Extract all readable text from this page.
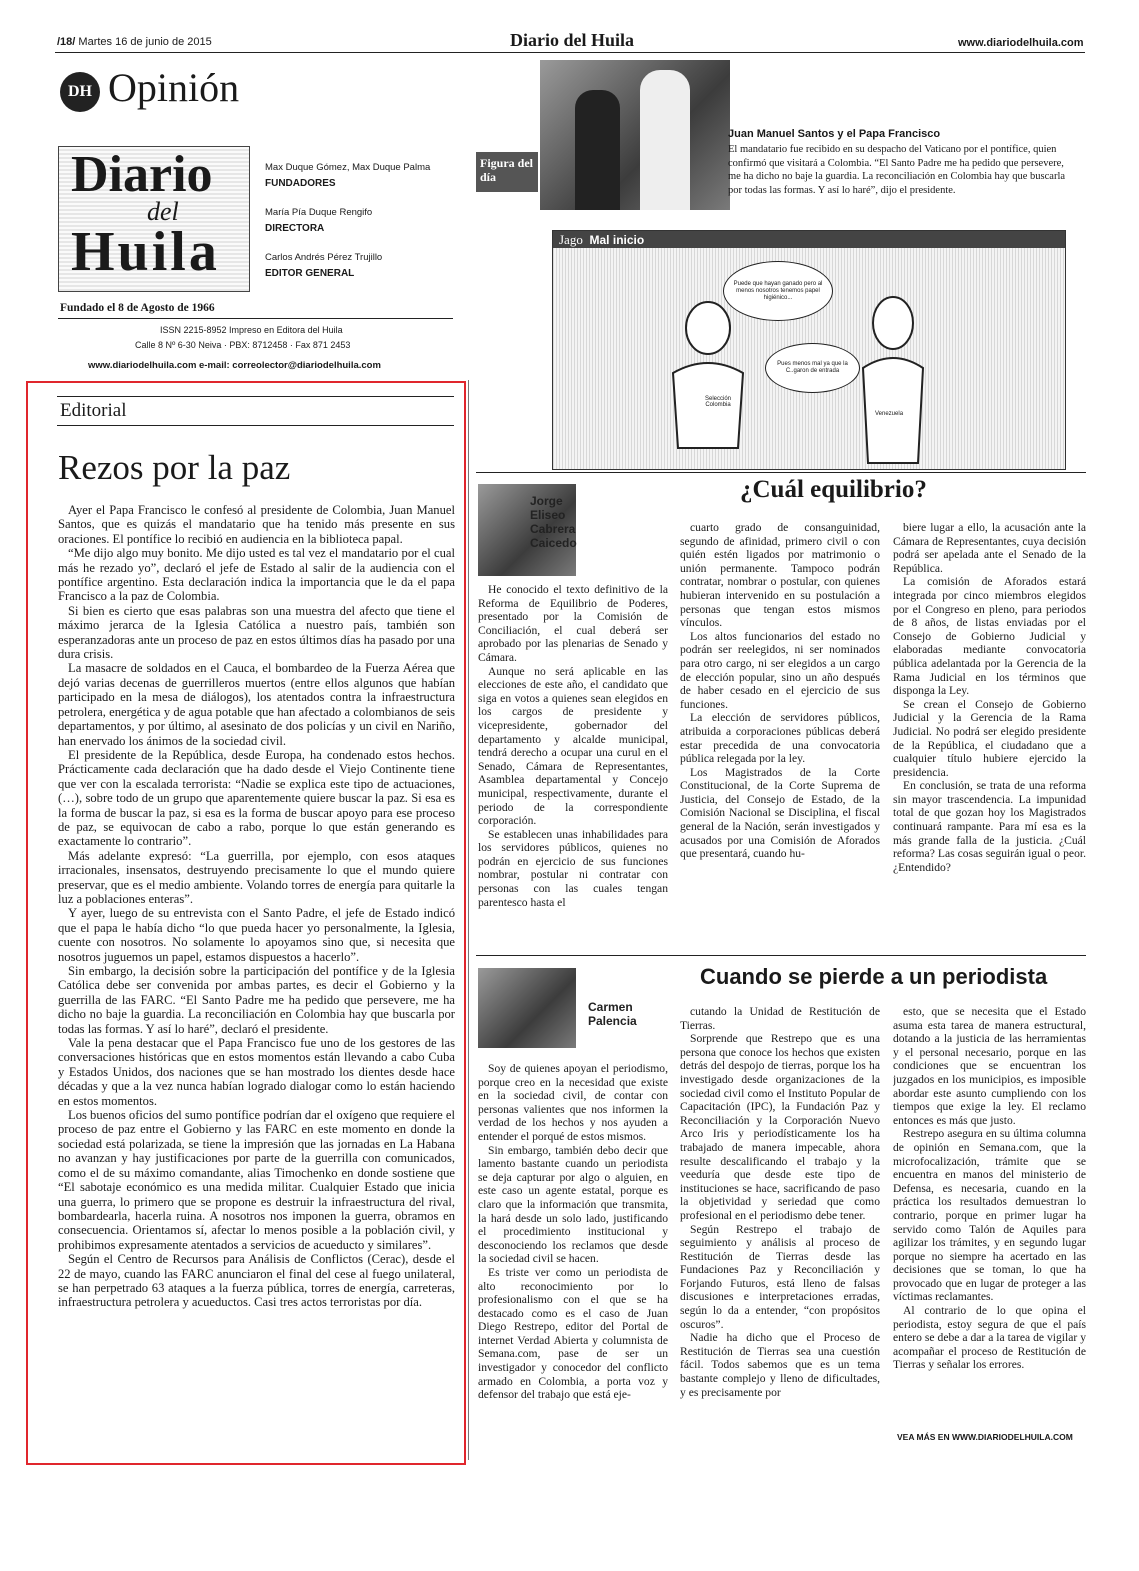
/18/ Martes 16 de junio de 2015	Diario del Huila	www.diariodelhuila.com
DH Opinión
Diario
del
Huila
Max Duque Gómez, Max Duque Palma
FUNDADORES
María Pía Duque Rengifo
DIRECTORA
Carlos Andrés Pérez Trujillo
EDITOR GENERAL
Fundado el 8 de Agosto de 1966
ISSN 2215-8952 Impreso en Editora del Huila
Calle 8 Nº 6-30 Neiva · PBX: 8712458 · Fax 871 2453
www.diariodelhuila.com e-mail: correolector@diariodelhuila.com
Figura del día
Juan Manuel Santos y el Papa Francisco
El mandatario fue recibido en su despacho del Vaticano por el pontífice, quien confirmó que visitará a Colombia. “El Santo Padre me ha pedido que persevere, me ha dicho no baje la guardia. La reconciliación en Colombia hay que buscarla por todas las formas. Y así lo haré”, dijo el presidente.
Jago Mal inicio
Puede que hayan ganado pero al menos nosotros tenemos papel higiénico...
Pues menos mal ya que la C..garon de entrada
Selección Colombia
Venezuela
Editorial
Rezos por la paz

Ayer el Papa Francisco le confesó al presidente de Colombia, Juan Manuel Santos, que es quizás el mandatario que ha tenido más presente en sus oraciones. El pontífice lo recibió en audiencia en la biblioteca papal.

“Me dijo algo muy bonito. Me dijo usted es tal vez el mandatario por el cual más he rezado yo”, declaró el jefe de Estado al salir de la audiencia con el pontífice argentino. Esta declaración indica la importancia que le da el papa Francisco a la paz de Colombia.

Si bien es cierto que esas palabras son una muestra del afecto que tiene el máximo jerarca de la Iglesia Católica a nuestro país, también son esperanzadoras ante un proceso de paz en estos últimos días ha pasado por una dura crisis.

La masacre de soldados en el Cauca, el bombardeo de la Fuerza Aérea que dejó varias decenas de guerrilleros muertos (entre ellos algunos que habían participado en la mesa de diálogos), los atentados contra la infraestructura petrolera, energética y de agua potable que han afectado a colombianos de seis departamentos, y por último, al asesinato de dos policías y un civil en Nariño, han enervado los ánimos de la sociedad civil.

El presidente de la República, desde Europa, ha condenado estos hechos. Prácticamente cada declaración que ha dado desde el Viejo Continente tiene que ver con la escalada terrorista: “Nadie se explica este tipo de actuaciones, (…), sobre todo de un grupo que aparentemente quiere buscar la paz. Si esa es la forma de buscar la paz, si esa es la forma de buscar apoyo para ese proceso de paz, se equivocan de cabo a rabo, porque lo que están generando es exactamente lo contrario”.

Más adelante expresó: “La guerrilla, por ejemplo, con esos ataques irracionales, insensatos, destruyendo precisamente lo que el mundo quiere preservar, que es el medio ambiente. Volando torres de energía para quitarle la luz a poblaciones enteras”.

Y ayer, luego de su entrevista con el Santo Padre, el jefe de Estado indicó que el papa le había dicho “lo que pueda hacer yo personalmente, la Iglesia, cuente con nosotros. No solamente lo apoyamos sino que, si necesita que nosotros juguemos un papel, estamos dispuestos a hacerlo”.

Sin embargo, la decisión sobre la participación del pontífice y de la Iglesia Católica debe ser convenida por ambas partes, es decir el Gobierno y la guerrilla de las FARC. “El Santo Padre me ha pedido que persevere, me ha dicho no baje la guardia. La reconciliación en Colombia hay que buscarla por todas las formas. Y así lo haré”, declaró el presidente.

Vale la pena destacar que el Papa Francisco fue uno de los gestores de las conversaciones históricas que en estos momentos están llevando a cabo Cuba y Estados Unidos, dos naciones que se han mostrado los dientes desde hace décadas y que a la vez nunca habían logrado dialogar como lo están haciendo en estos momentos.

Los buenos oficios del sumo pontífice podrían dar el oxígeno que requiere el proceso de paz entre el Gobierno y las FARC en este momento en donde la sociedad está polarizada, se tiene la impresión que las jornadas en La Habana no avanzan y hay justificaciones por parte de la guerrilla con comunicados, como el de su máximo comandante, alias Timochenko en donde sostiene que “El sabotaje económico es una medida militar. Cualquier Estado que inicia una guerra, lo primero que se propone es destruir la infraestructura del rival, bombardearla, hacerla ruina. A nosotros nos imponen la guerra, obramos en consecuencia. Orientamos sí, afectar lo menos posible a la población civil, y prohibimos expresamente atentados a servicios de acueducto y similares”.

Según el Centro de Recursos para Análisis de Conflictos (Cerac), desde el 22 de mayo, cuando las FARC anunciaron el final del cese al fuego unilateral, se han perpetrado 63 ataques a la fuerza pública, torres de energía, carreteras, infraestructura petrolera y acueductos. Casi tres actos terroristas por día.

Jorge Eliseo Cabrera Caicedo
¿Cuál equilibrio?

He conocido el texto definitivo de la Reforma de Equilibrio de Poderes, presentado por la Comisión de Conciliación, el cual deberá ser aprobado por las plenarias de Senado y Cámara.

Aunque no será aplicable en las elecciones de este año, el candidato que siga en votos a quienes sean elegidos en los cargos de presidente y vicepresidente, gobernador del departamento y alcalde municipal, tendrá derecho a ocupar una curul en el Senado, Cámara de Representantes, Asamblea departamental y Concejo municipal, respectivamente, durante el periodo de la correspondiente corporación.

Se establecen unas inhabilidades para los servidores públicos, quienes no podrán en ejercicio de sus funciones nombrar, postular ni contratar con personas con las cuales tengan parentesco hasta el

cuarto grado de consanguinidad, segundo de afinidad, primero civil o con quién estén ligados por matrimonio o unión permanente. Tampoco podrán contratar, nombrar o postular, con quienes hubieran intervenido en su postulación a personas que tengan estos mismos vínculos.

Los altos funcionarios del estado no podrán ser reelegidos, ni ser nominados para otro cargo, ni ser elegidos a un cargo de elección popular, sino un año después de haber cesado en el ejercicio de sus funciones.

La elección de servidores públicos, atribuida a corporaciones públicas deberá estar precedida de una convocatoria pública relegada por la ley.

Los Magistrados de la Corte Constitucional, de la Corte Suprema de Justicia, del Consejo de Estado, de la Comisión Nacional se Disciplina, el fiscal general de la Nación, serán investigados y acusados por una Comisión de Aforados que presentará, cuando hu-

biere lugar a ello, la acusación ante la Cámara de Representantes, cuya decisión podrá ser apelada ante el Senado de la República.

La comisión de Aforados estará integrada por cinco miembros elegidos por el Congreso en pleno, para periodos de 8 años, de listas enviadas por el Consejo de Gobierno Judicial y elaboradas mediante convocatoria pública adelantada por la Gerencia de la Rama Judicial en los términos que disponga la Ley.

Se crean el Consejo de Gobierno Judicial y la Gerencia de la Rama Judicial. No podrá ser elegido presidente de la República, el ciudadano que a cualquier título hubiere ejercido la presidencia.

En conclusión, se trata de una reforma sin mayor trascendencia. La impunidad total de que gozan hoy los Magistrados continuará rampante. Para mí esa es la más grande falla de la justicia. ¿Cuál reforma? Las cosas seguirán igual o peor. ¿Entendido?

Carmen Palencia
Cuando se pierde a un periodista

Soy de quienes apoyan el periodismo, porque creo en la necesidad que existe en la sociedad civil, de contar con personas valientes que nos informen la verdad de los hechos y nos ayuden a entender el porqué de estos mismos.

Sin embargo, también debo decir que lamento bastante cuando un periodista se deja capturar por algo o alguien, en este caso un agente estatal, porque es claro que la información que transmita, la hará desde un solo lado, justificando el procedimiento institucional y desconociendo los reclamos que desde la sociedad civil se hacen.

Es triste ver como un periodista de alto reconocimiento por lo profesionalismo con el que se ha destacado como es el caso de Juan Diego Restrepo, editor del Portal de internet Verdad Abierta y columnista de Semana.com, pase de ser un investigador y conocedor del conflicto armado en Colombia, a porta voz y defensor del trabajo que está eje-

cutando la Unidad de Restitución de Tierras.

Sorprende que Restrepo que es una persona que conoce los hechos que existen detrás del despojo de tierras, porque los ha investigado desde organizaciones de la sociedad civil como el Instituto Popular de Capacitación (IPC), la Fundación Paz y Reconciliación y la Corporación Nuevo Arco Iris y periodísticamente los ha trabajado de manera impecable, ahora resulte descalificando el trabajo y la veeduría que desde este tipo de instituciones se hace, sacrificando de paso la objetividad y seriedad que como profesional en el periodismo debe tener.

Según Restrepo el trabajo de seguimiento y análisis al proceso de Restitución de Tierras desde las Fundaciones Paz y Reconciliación y Forjando Futuros, está lleno de falsas discusiones e interpretaciones erradas, según lo da a entender, “con propósitos oscuros”.

Nadie ha dicho que el Proceso de Restitución de Tierras sea una cuestión fácil. Todos sabemos que es un tema bastante complejo y lleno de dificultades, y es precisamente por

esto, que se necesita que el Estado asuma esta tarea de manera estructural, dotando a la justicia de las herramientas y el personal necesario, porque en las condiciones que se encuentran los juzgados en los municipios, es imposible abordar este asunto cumpliendo con los tiempos que exige la ley. El reclamo entonces es más que justo.

Restrepo asegura en su última columna de opinión en Semana.com, que la microfocalización, trámite que se encuentra en manos del ministerio de Defensa, es necesaria, cuando en la práctica los resultados demuestran lo contrario, porque en primer lugar ha servido como Talón de Aquiles para agilizar los trámites, y en segundo lugar porque no siempre ha acertado en las decisiones que se toman, lo que ha provocado que en lugar de proteger a las víctimas reclamantes.

Al contrario de lo que opina el periodista, estoy segura de que el país entero se debe a dar a la tarea de vigilar y acompañar el proceso de Restitución de Tierras y señalar los errores.

VEA MÁS EN WWW.DIARIODELHUILA.COM
